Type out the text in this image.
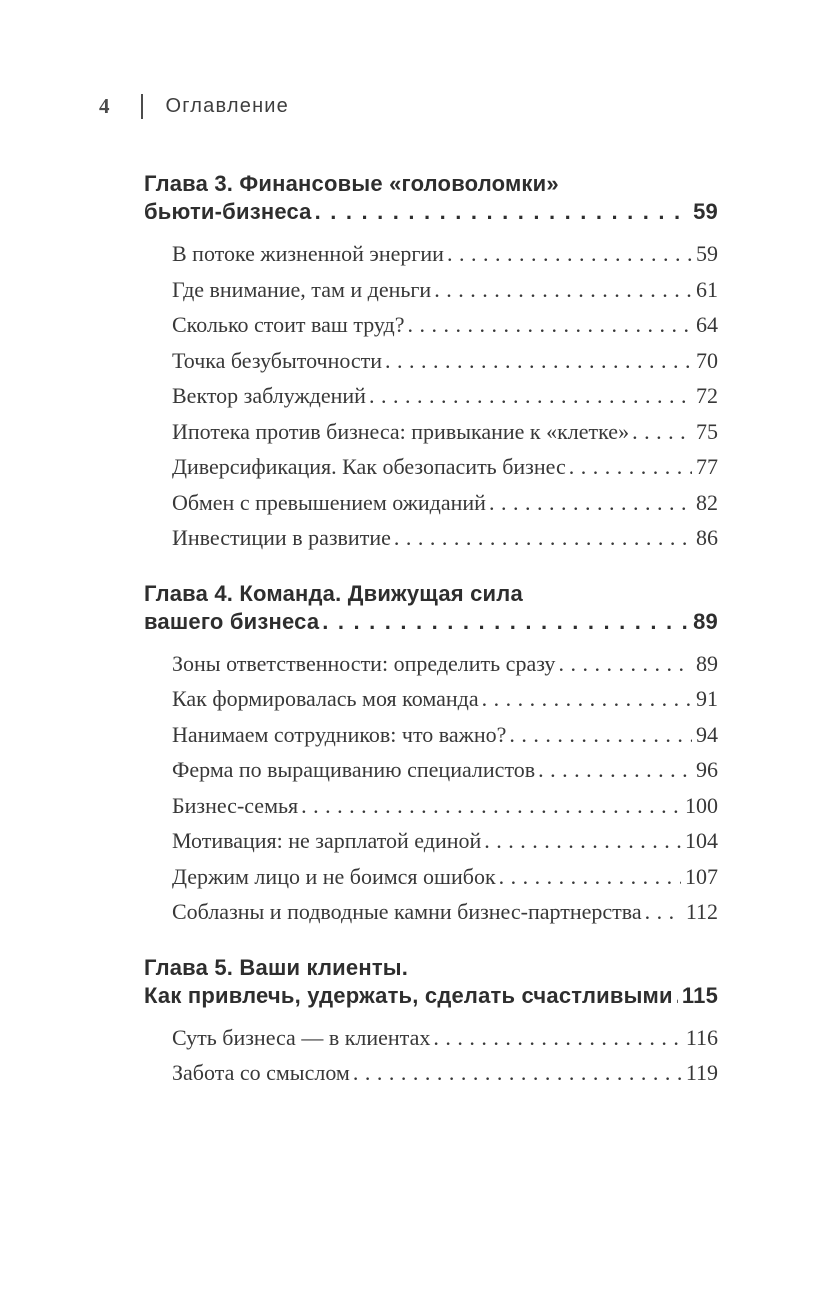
4	Оглавление
Глава 3. Финансовые «головоломки»
бьюти-бизнеса . . .	59
В потоке жизненной энергии . . .	59
Где внимание, там и деньги . . .	61
Сколько стоит ваш труд? . . .	64
Точка безубыточности . . .	70
Вектор заблуждений . . .	72
Ипотека против бизнеса: привыкание к «клетке» . . .	75
Диверсификация. Как обезопасить бизнес . . .	77
Обмен с превышением ожиданий . . .	82
Инвестиции в развитие . . .	86
Глава 4. Команда. Движущая сила
вашего бизнеса . . .	89
Зоны ответственности: определить сразу . . .	89
Как формировалась моя команда . . .	91
Нанимаем сотрудников: что важно? . . .	94
Ферма по выращиванию специалистов . . .	96
Бизнес-семья . . .	100
Мотивация: не зарплатой единой . . .	104
Держим лицо и не боимся ошибок . . .	107
Соблазны и подводные камни бизнес-партнерства . . . 112
Глава 5. Ваши клиенты.
Как привлечь, удержать, сделать счастливыми . . . 115
Суть бизнеса — в клиентах . . .	116
Забота со смыслом . . .	119
